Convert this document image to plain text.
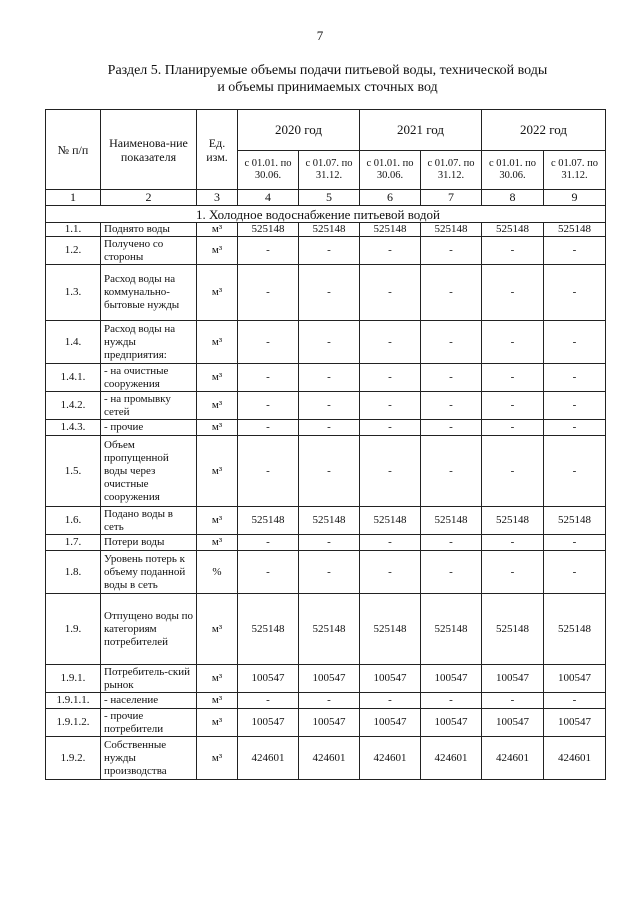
7
Раздел 5. Планируемые объемы подачи питьевой воды, технической воды
и объемы принимаемых сточных вод
№ п/п	Наименова-ние показателя	Ед. изм.	2020 год		2021 год		2022 год	
			с 01.01. по 30.06.	с 01.07. по 31.12.	с 01.01. по 30.06.	с 01.07. по 31.12.	с 01.01. по 30.06.	с 01.07. по 31.12.
1	2	3	4	5	6	7	8	9
1. Холодное водоснабжение питьевой водой								
1.1.	Поднято воды	м³	525148	525148	525148	525148	525148	525148
1.2.	Получено со стороны	м³	-	-	-	-	-	-
1.3.	Расход воды на коммунально-бытовые нужды	м³	-	-	-	-	-	-
1.4.	Расход воды на нужды предприятия:	м³	-	-	-	-	-	-
1.4.1.	- на очистные сооружения	м³	-	-	-	-	-	-
1.4.2.	- на промывку сетей	м³	-	-	-	-	-	-
1.4.3.	- прочие	м³	-	-	-	-	-	-
1.5.	Объем пропущенной воды через очистные сооружения	м³	-	-	-	-	-	-
1.6.	Подано воды в сеть	м³	525148	525148	525148	525148	525148	525148
1.7.	Потери воды	м³	-	-	-	-	-	-
1.8.	Уровень потерь к объему поданной воды в сеть	%	-	-	-	-	-	-
1.9.	Отпущено воды по категориям потребителей	м³	525148	525148	525148	525148	525148	525148
1.9.1.	Потребитель-ский рынок	м³	100547	100547	100547	100547	100547	100547
1.9.1.1.	- население	м³	-	-	-	-	-	-
1.9.1.2.	- прочие потребители	м³	100547	100547	100547	100547	100547	100547
1.9.2.	Собственные нужды производства	м³	424601	424601	424601	424601	424601	424601
